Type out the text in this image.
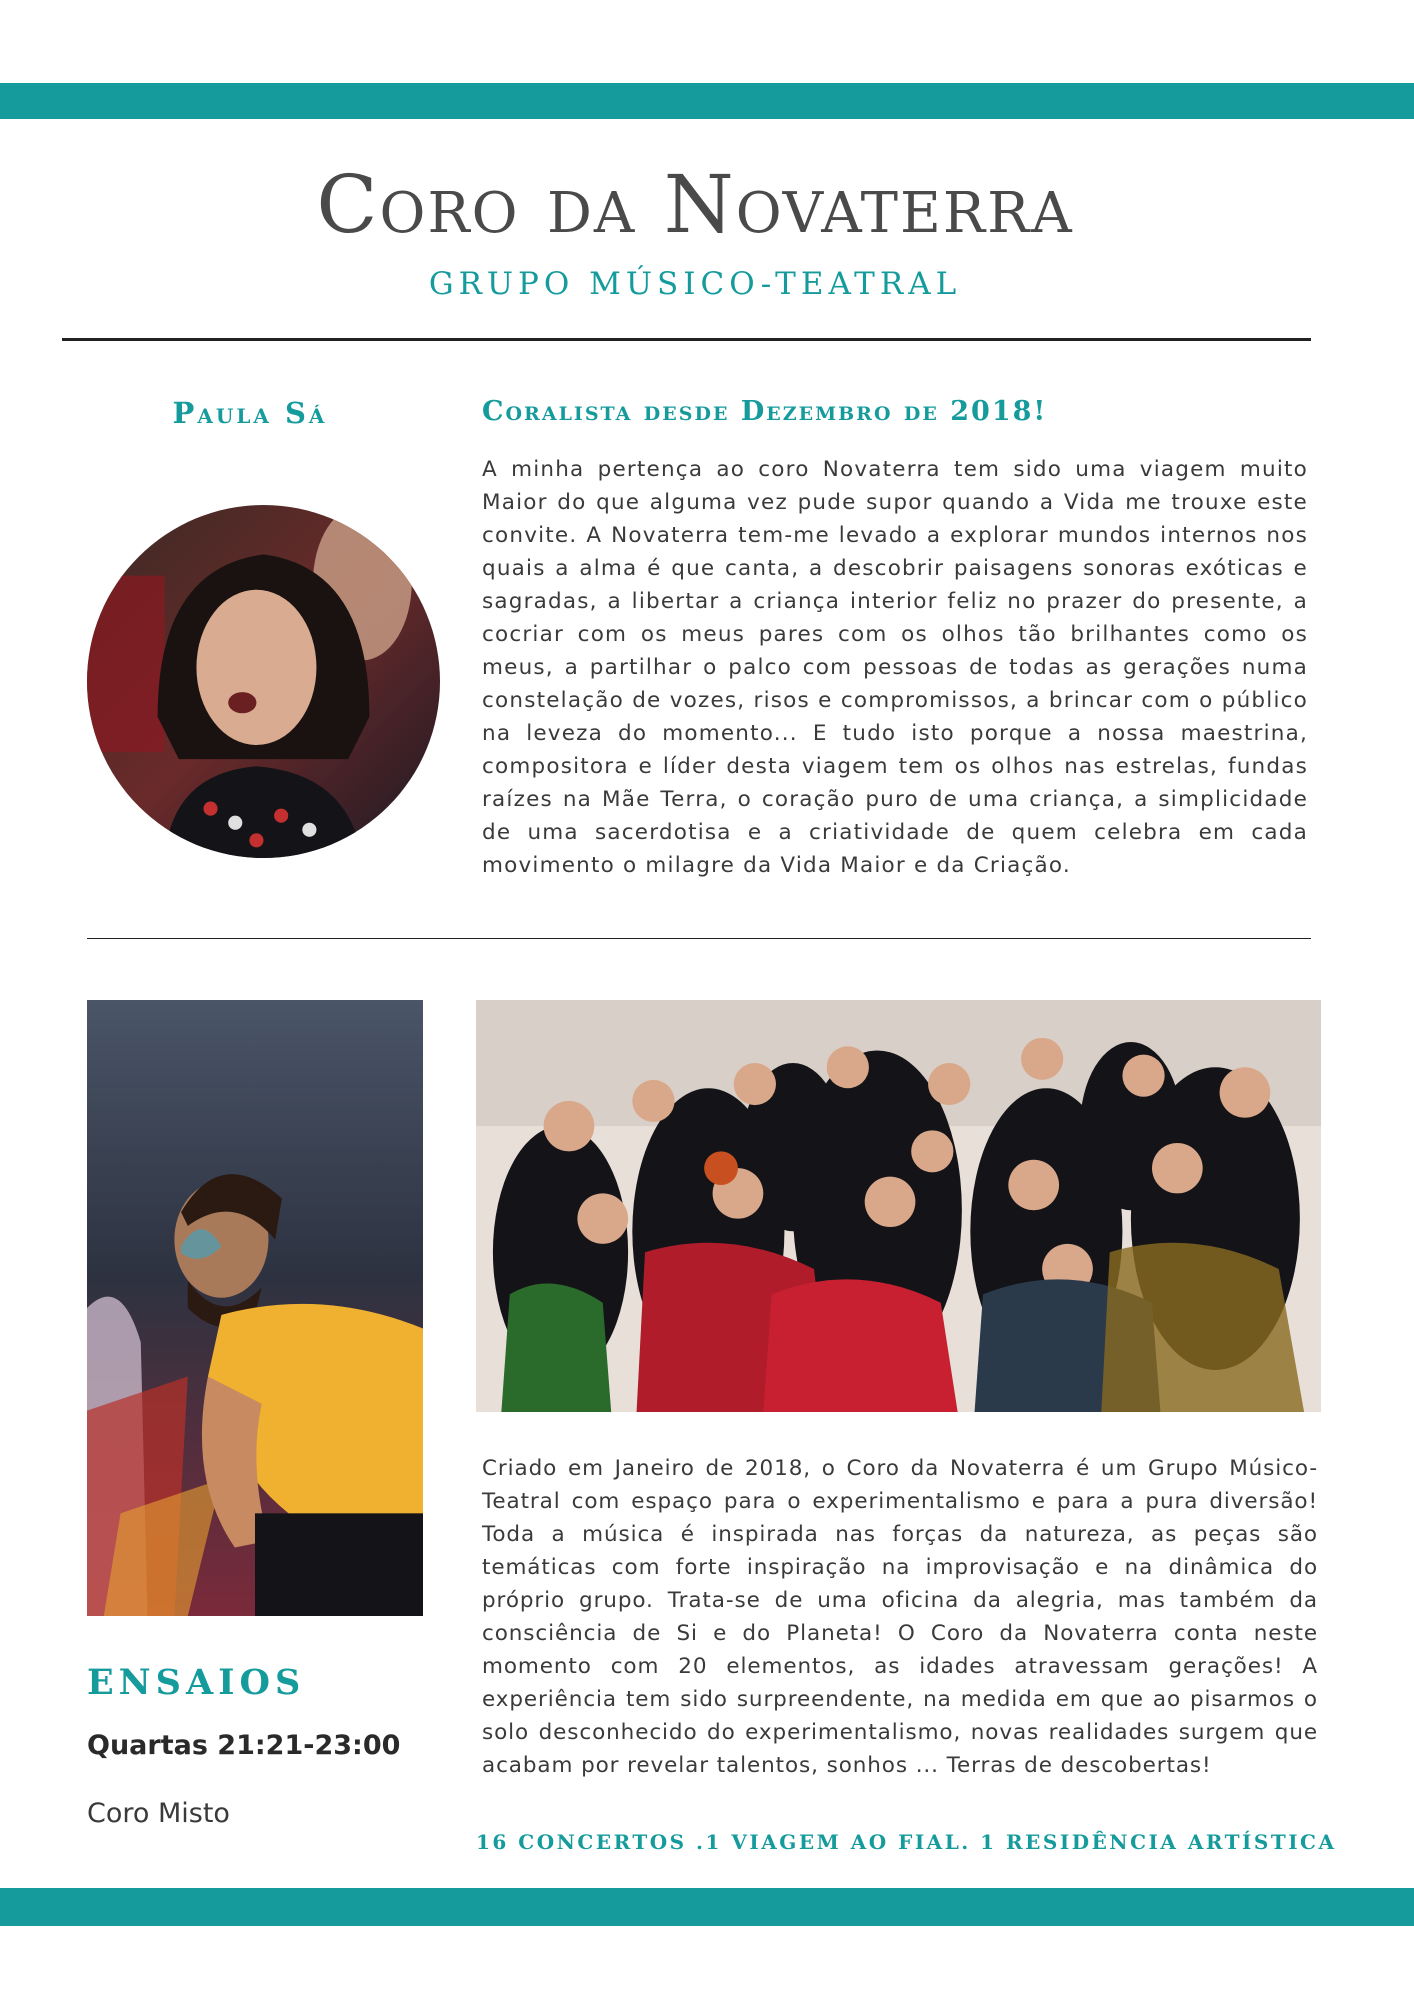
Coro da Novaterra
GRUPO MÚSICO-TEATRAL
Paula Sá	Coralista desde Dezembro de 2018!

A minha pertença ao coro Novaterra tem sido uma viagem muito Maior do que alguma vez pude supor quando a Vida me trouxe este convite. A Novaterra tem-me levado a explorar mundos internos nos quais a alma é que canta, a descobrir paisagens sonoras exóticas e sagradas, a libertar a criança interior feliz no prazer do presente, a cocriar com os meus pares com os olhos tão brilhantes como os meus, a partilhar o palco com pessoas de todas as gerações numa constelação de vozes, risos e compromissos, a brincar com o público na leveza do momento... E tudo isto porque a nossa maestrina, compositora e líder desta viagem tem os olhos nas estrelas, fundas raízes na Mãe Terra, o coração puro de uma criança, a simplicidade de uma sacerdotisa e a criatividade de quem celebra em cada movimento o milagre da Vida Maior e da Criação.

Criado em Janeiro de 2018, o Coro da Novaterra é um Grupo Músico-Teatral com espaço para o experimentalismo e para a pura diversão! Toda a música é inspirada nas forças da natureza, as peças são temáticas com forte inspiração na improvisação e na dinâmica do próprio grupo. Trata-se de uma oficina da alegria, mas também da consciência de Si e do Planeta! O Coro da Novaterra conta neste momento com 20 elementos, as idades atravessam gerações! A experiência tem sido surpreendente, na medida em que ao pisarmos o solo desconhecido do experimentalismo, novas realidades surgem que acabam por revelar talentos, sonhos ... Terras de descobertas!

ENSAIOS
Quartas 21:21-23:00
Coro Misto
16 CONCERTOS .1 VIAGEM AO FIAL. 1 RESIDÊNCIA ARTÍSTICA
